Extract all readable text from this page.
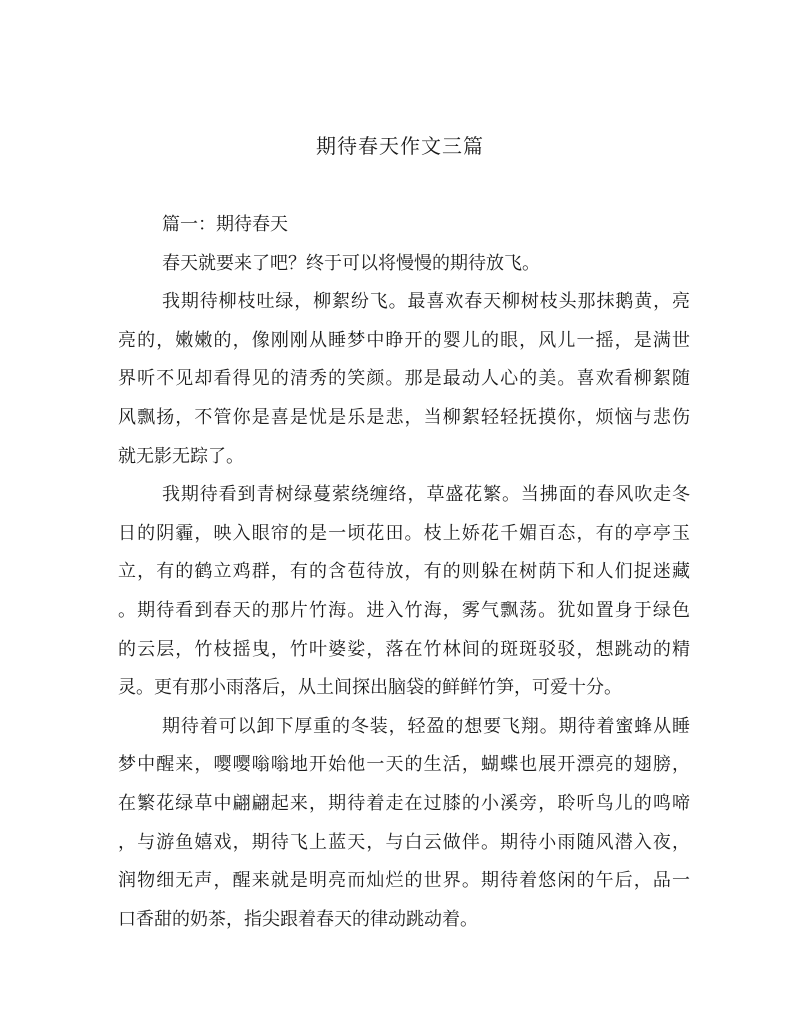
期待春天作文三篇

篇一：期待春天

春天就要来了吧？终于可以将慢慢的期待放飞。

我期待柳枝吐绿，柳絮纷飞。最喜欢春天柳树枝头那抹鹅黄，亮

亮的，嫩嫩的，像刚刚从睡梦中睁开的婴儿的眼，风儿一摇，是满世

界听不见却看得见的清秀的笑颜。那是最动人心的美。喜欢看柳絮随

风飘扬，不管你是喜是忧是乐是悲，当柳絮轻轻抚摸你，烦恼与悲伤

就无影无踪了。

我期待看到青树绿蔓萦绕缠络，草盛花繁。当拂面的春风吹走冬

日的阴霾，映入眼帘的是一顷花田。枝上娇花千媚百态，有的亭亭玉

立，有的鹤立鸡群，有的含苞待放，有的则躲在树荫下和人们捉迷藏

。期待看到春天的那片竹海。进入竹海，雾气飘荡。犹如置身于绿色

的云层，竹枝摇曳，竹叶婆娑，落在竹林间的斑斑驳驳，想跳动的精

灵。更有那小雨落后，从土间探出脑袋的鲜鲜竹笋，可爱十分。

期待着可以卸下厚重的冬装，轻盈的想要飞翔。期待着蜜蜂从睡

梦中醒来，嘤嘤嗡嗡地开始他一天的生活，蝴蝶也展开漂亮的翅膀，

在繁花绿草中翩翩起来，期待着走在过膝的小溪旁，聆听鸟儿的鸣啼

，与游鱼嬉戏，期待飞上蓝天，与白云做伴。期待小雨随风潜入夜，

润物细无声，醒来就是明亮而灿烂的世界。期待着悠闲的午后，品一

口香甜的奶茶，指尖跟着春天的律动跳动着。
